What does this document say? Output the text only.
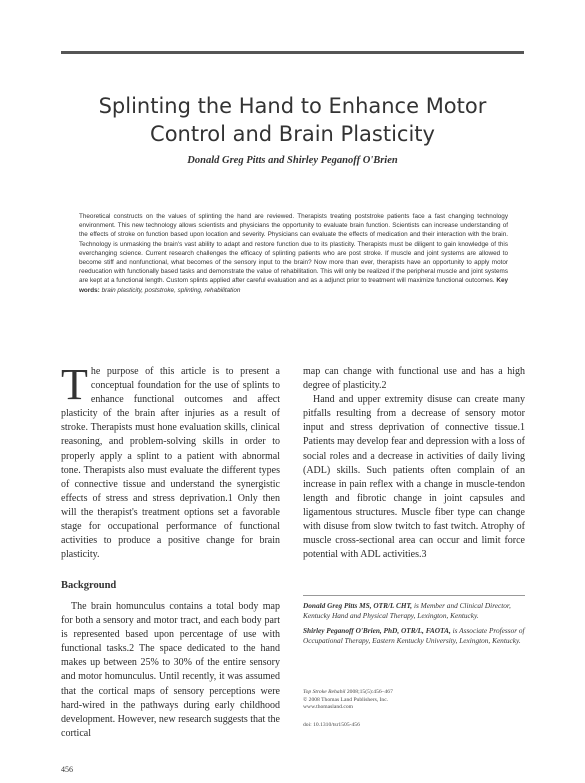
Splinting the Hand to Enhance Motor
Control and Brain Plasticity
Donald Greg Pitts and Shirley Peganoff O'Brien

Theoretical constructs on the values of splinting the hand are reviewed. Therapists treating poststroke patients face a fast changing technology environment. This new technology allows scientists and physicians the opportunity to evaluate brain function. Scientists can increase understanding of the effects of stroke on function based upon location and severity. Physicians can evaluate the effects of medication and their interaction with the brain. Technology is unmasking the brain's vast ability to adapt and restore function due to its plasticity. Therapists must be diligent to gain knowledge of this everchanging science. Current research challenges the efficacy of splinting patients who are post stroke. If muscle and joint systems are allowed to become stiff and nonfunctional, what becomes of the sensory input to the brain? Now more than ever, therapists have an opportunity to apply motor reeducation with functionally based tasks and demonstrate the value of rehabilitation. This will only be realized if the peripheral muscle and joint systems are kept at a functional length. Custom splints applied after careful evaluation and as a adjunct prior to treatment will maximize functional outcomes. Key words: brain plasticity, poststroke, splinting, rehabilitation

The purpose of this article is to present a conceptual foundation for the use of splints to enhance functional outcomes and affect plasticity of the brain after injuries as a result of stroke. Therapists must hone evaluation skills, clinical reasoning, and problem-solving skills in order to properly apply a splint to a patient with abnormal tone. Therapists also must evaluate the different types of connective tissue and understand the synergistic effects of stress and stress deprivation.1 Only then will the therapist's treatment options set a favorable stage for occupational performance of functional activities to produce a positive change for brain plasticity.

Background

The brain homunculus contains a total body map for both a sensory and motor tract, and each body part is represented based upon percentage of use with functional tasks.2 The space dedicated to the hand makes up between 25% to 30% of the entire sensory and motor homunculus. Until recently, it was assumed that the cortical maps of sensory perceptions were hard-wired in the pathways during early childhood development. However, new research suggests that the cortical

map can change with functional use and has a high degree of plasticity.2

Hand and upper extremity disuse can create many pitfalls resulting from a decrease of sensory motor input and stress deprivation of connective tissue.1 Patients may develop fear and depression with a loss of social roles and a decrease in activities of daily living (ADL) skills. Such patients often complain of an increase in pain reflex with a change in muscle-tendon length and fibrotic change in joint capsules and ligamentous structures. Muscle fiber type can change with disuse from slow twitch to fast twitch. Atrophy of muscle cross-sectional area can occur and limit force potential with ADL activities.3

Donald Greg Pitts MS, OTR/L CHT, is Member and Clinical Director, Kentucky Hand and Physical Therapy, Lexington, Kentucky.

Shirley Peganoff O'Brien, PhD, OTR/L, FAOTA, is Associate Professor of Occupational Therapy, Eastern Kentucky University, Lexington, Kentucky.

Top Stroke Rehabil 2008;15(5):456–467
© 2008 Thomas Land Publishers, Inc.
www.thomasland.com
doi: 10.1310/tsr1505-456
456
